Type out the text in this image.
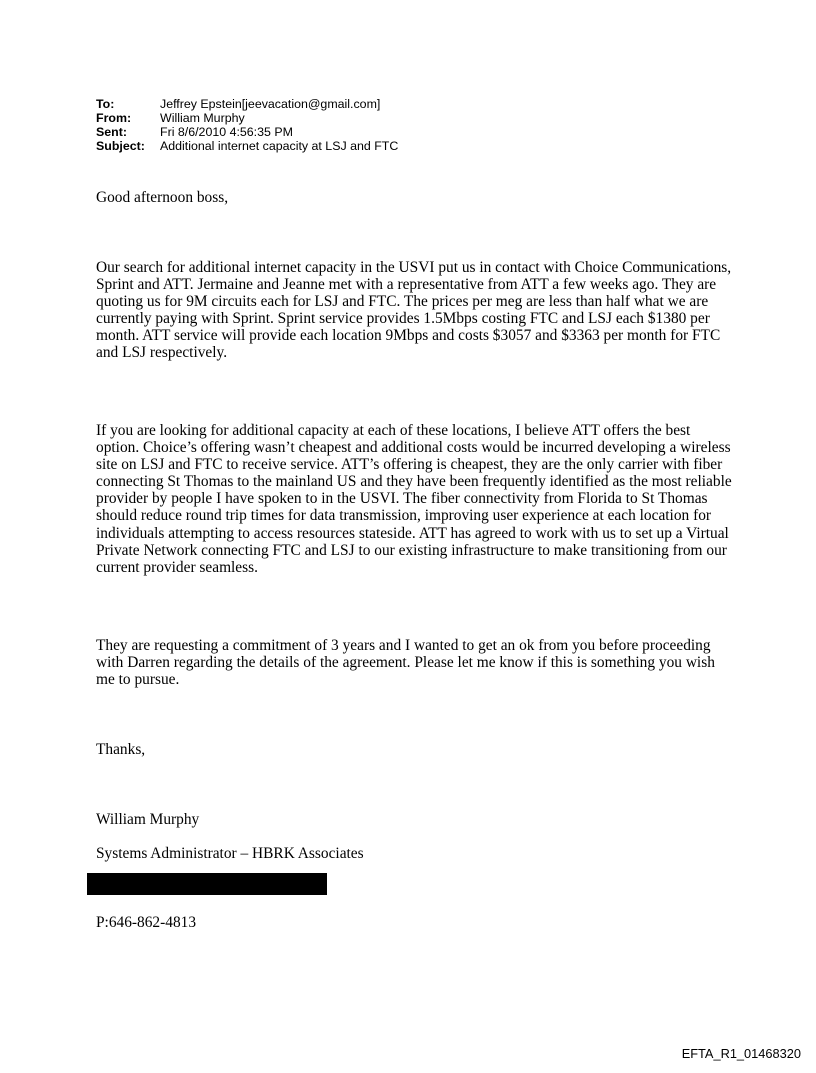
To:	Jeffrey Epstein[jeevacation@gmail.com]
From:	William Murphy
Sent:	Fri 8/6/2010 4:56:35 PM
Subject:	Additional internet capacity at LSJ and FTC

Good afternoon boss,

Our search for additional internet capacity in the USVI put us in contact with Choice Communications, Sprint and ATT. Jermaine and Jeanne met with a representative from ATT a few weeks ago. They are quoting us for 9M circuits each for LSJ and FTC. The prices per meg are less than half what we are currently paying with Sprint. Sprint service provides 1.5Mbps costing FTC and LSJ each $1380 per month. ATT service will provide each location 9Mbps and costs $3057 and $3363 per month for FTC and LSJ respectively.

If you are looking for additional capacity at each of these locations, I believe ATT offers the best option. Choice’s offering wasn’t cheapest and additional costs would be incurred developing a wireless site on LSJ and FTC to receive service. ATT’s offering is cheapest, they are the only carrier with fiber connecting St Thomas to the mainland US and they have been frequently identified as the most reliable provider by people I have spoken to in the USVI. The fiber connectivity from Florida to St Thomas should reduce round trip times for data transmission, improving user experience at each location for individuals attempting to access resources stateside. ATT has agreed to work with us to set up a Virtual Private Network connecting FTC and LSJ to our existing infrastructure to make transitioning from our current provider seamless.

They are requesting a commitment of 3 years and I wanted to get an ok from you before proceeding with Darren regarding the details of the agreement. Please let me know if this is something you wish me to pursue.

Thanks,

William Murphy

Systems Administrator – HBRK Associates

P:646-862-4813

EFTA_R1_01468320
